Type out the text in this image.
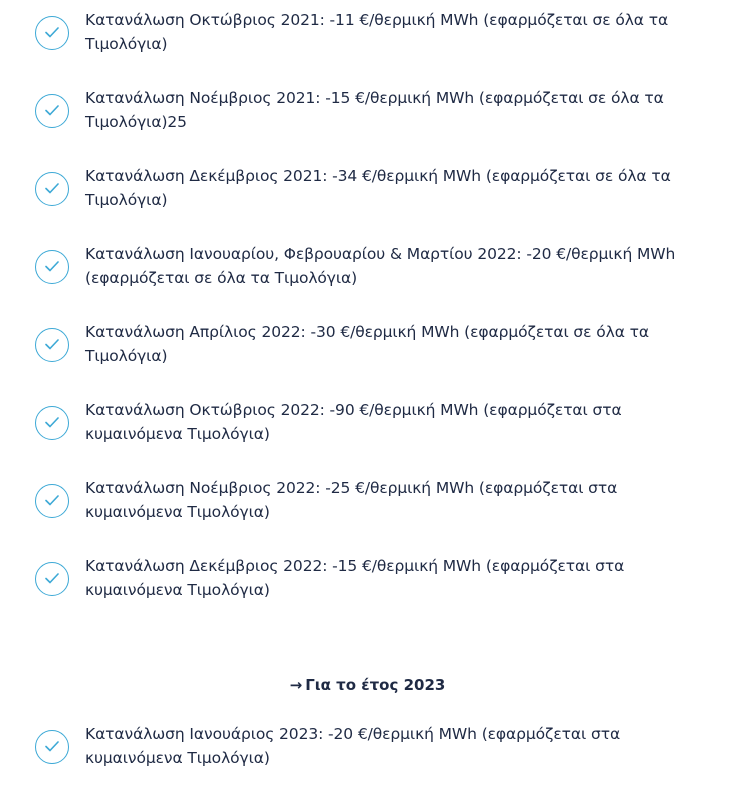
Κατανάλωση Οκτώβριος 2021: -11 €/θερμική MWh (εφαρμόζεται σε όλα τα Τιμολόγια)
Κατανάλωση Νοέμβριος 2021: -15 €/θερμική MWh (εφαρμόζεται σε όλα τα Τιμολόγια)25
Κατανάλωση Δεκέμβριος 2021: -34 €/θερμική MWh (εφαρμόζεται σε όλα τα Τιμολόγια)
Κατανάλωση Ιανουαρίου, Φεβρουαρίου & Μαρτίου 2022: -20 €/θερμική MWh (εφαρμόζεται σε όλα τα Τιμολόγια)
Κατανάλωση Απρίλιος 2022: -30 €/θερμική MWh (εφαρμόζεται σε όλα τα Τιμολόγια)
Κατανάλωση Οκτώβριος 2022: -90 €/θερμική MWh (εφαρμόζεται στα κυμαινόμενα Τιμολόγια)
Κατανάλωση Νοέμβριος 2022: -25 €/θερμική MWh (εφαρμόζεται στα κυμαινόμενα Τιμολόγια)
Κατανάλωση Δεκέμβριος 2022: -15 €/θερμική MWh (εφαρμόζεται στα κυμαινόμενα Τιμολόγια)
→ Για το έτος 2023
Κατανάλωση Ιανουάριος 2023: -20 €/θερμική MWh (εφαρμόζεται στα κυμαινόμενα Τιμολόγια)
